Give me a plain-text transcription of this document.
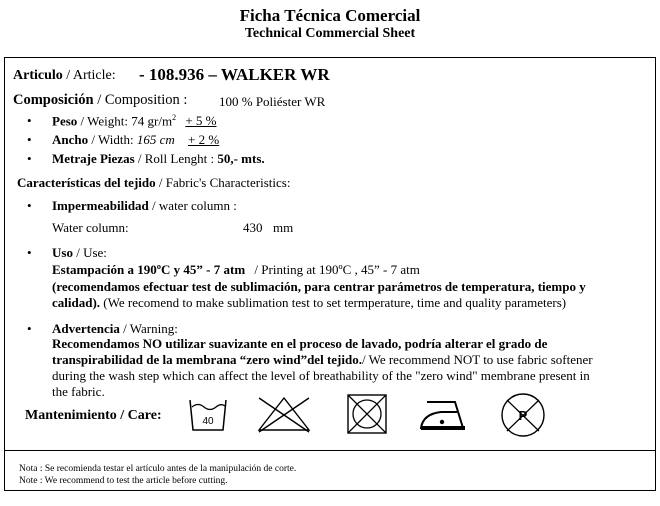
Ficha Técnica Comercial
Technical Commercial Sheet
Articulo / Article: - 108.936 – WALKER WR
Composición / Composition : 100 % Poliéster WR
• Peso / Weight: 74 $gr/m^2 + 5$ %
• Ancho / Width: 165 cm + 2 %
• Metraje Piezas / Roll Lenght : 50,- mts.
Características del tejido / Fabric's Characteristics:
• Impermeabilidad / water column :
Water column:	430 mm
• Uso / Use:
Estampación a 190ºC y 45” - 7 atm / Printing at 190ºC , 45” - 7 atm
(recomendamos efectuar test de sublimación, para centrar parámetros de temperatura, tiempo y
calidad). (We recomend to make sublimation test to set termperature, time and quality parameters)
• Advertencia / Warning:
Recomendamos NO utilizar suavizante en el proceso de lavado, podría alterar el grado de
transpirabilidad de la membrana “zero wind”del tejido./ We recommend NOT to use fabric softener
during the wash step which can affect the level of breathability of the "zero wind" membrane present in
the fabric.
Mantenimiento / Care:	40	P
Nota : Se recomienda testar el artículo antes de la manipulación de corte.
Note : We recommend to test the article before cutting.
